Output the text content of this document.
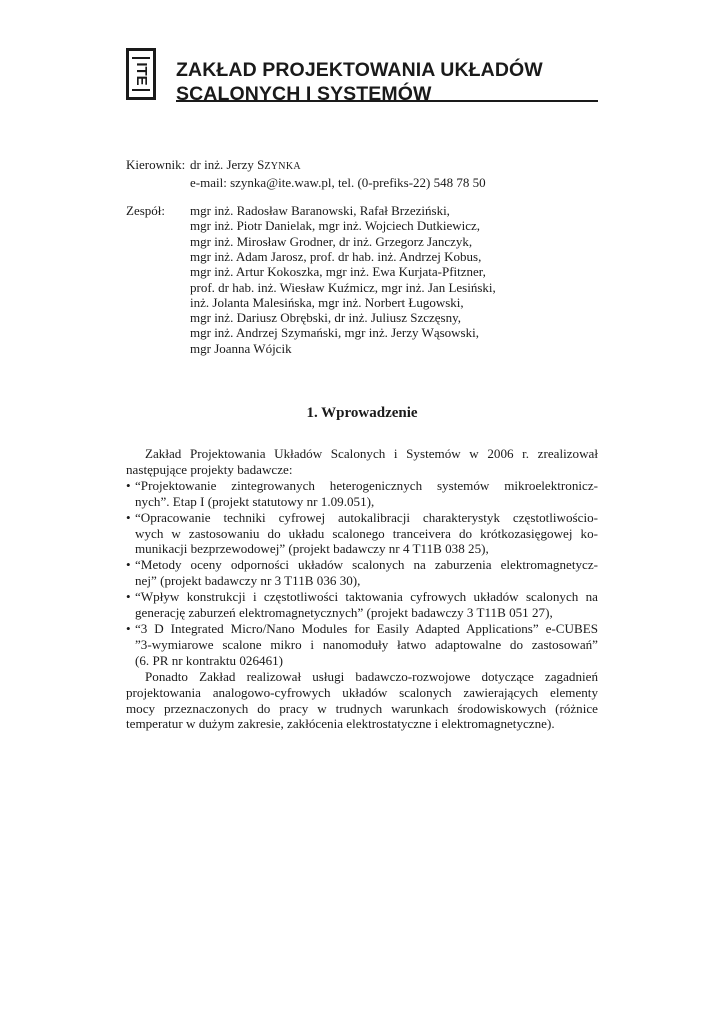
ITE ZAKŁAD PROJEKTOWANIA UKŁADÓW
SCALONYCH I SYSTEMÓW
Kierownik: dr inż. Jerzy SZYNKA
e-mail: szynka@ite.waw.pl, tel. (0-prefiks-22) 548 78 50
Zespół: mgr inż. Radosław Baranowski, Rafał Brzeziński,
mgr inż. Piotr Danielak, mgr inż. Wojciech Dutkiewicz,
mgr inż. Mirosław Grodner, dr inż. Grzegorz Janczyk,
mgr inż. Adam Jarosz, prof. dr hab. inż. Andrzej Kobus,
mgr inż. Artur Kokoszka, mgr inż. Ewa Kurjata-Pfitzner,
prof. dr hab. inż. Wiesław Kuźmicz, mgr inż. Jan Lesiński,
inż. Jolanta Malesińska, mgr inż. Norbert Ługowski,
mgr inż. Dariusz Obrębski, dr inż. Juliusz Szczęsny,
mgr inż. Andrzej Szymański, mgr inż. Jerzy Wąsowski,
mgr Joanna Wójcik
1. Wprowadzenie
Zakład Projektowania Układów Scalonych i Systemów w 2006 r. zrealizował
następujące projekty badawcze:
• “Projektowanie zintegrowanych heterogenicznych systemów mikroelektronicz-
nych”. Etap I (projekt statutowy nr 1.09.051),
• “Opracowanie techniki cyfrowej autokalibracji charakterystyk częstotliwościo-
wych w zastosowaniu do układu scalonego tranceivera do krótkozasięgowej ko-
munikacji bezprzewodowej” (projekt badawczy nr 4 T11B 038 25),
• “Metody oceny odporności układów scalonych na zaburzenia elektromagnetycz-
nej” (projekt badawczy nr 3 T11B 036 30),
• “Wpływ konstrukcji i częstotliwości taktowania cyfrowych układów scalonych na
generację zaburzeń elektromagnetycznych” (projekt badawczy 3 T11B 051 27),
• “3 D Integrated Micro/Nano Modules for Easily Adapted Applications” e-CUBES
”3-wymiarowe scalone mikro i nanomoduły łatwo adaptowalne do zastosowań”
(6. PR nr kontraktu 026461)
Ponadto Zakład realizował usługi badawczo-rozwojowe dotyczące zagadnień
projektowania analogowo-cyfrowych układów scalonych zawierających elementy
mocy przeznaczonych do pracy w trudnych warunkach środowiskowych (różnice
temperatur w dużym zakresie, zakłócenia elektrostatyczne i elektromagnetyczne).
